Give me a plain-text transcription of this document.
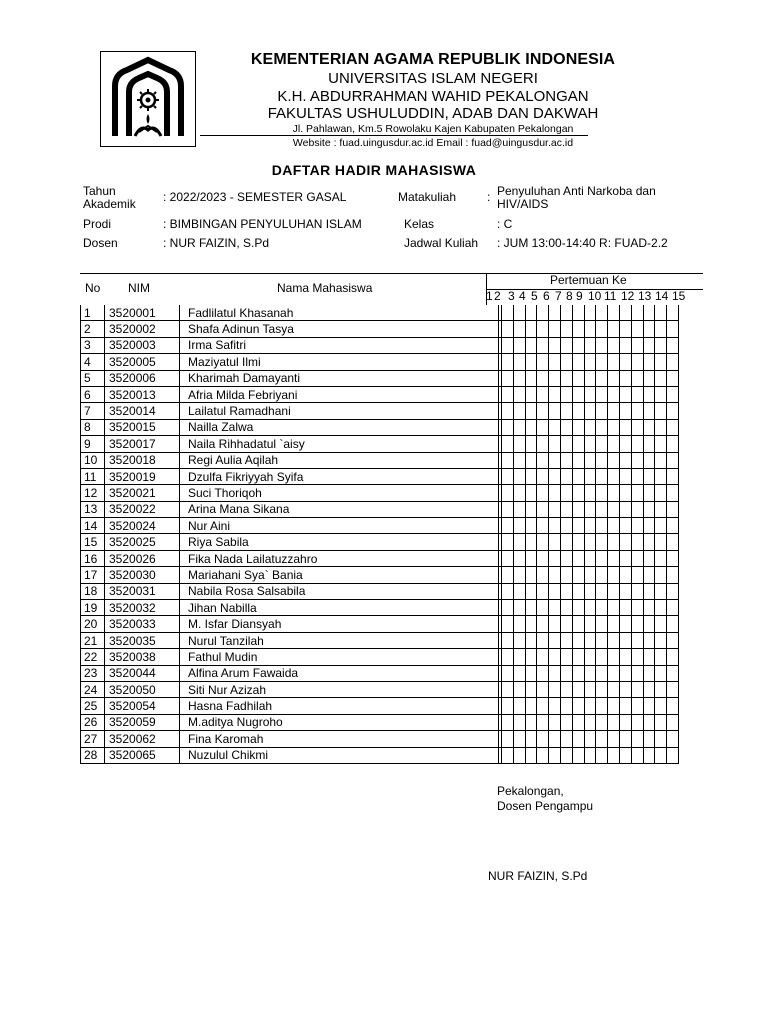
KEMENTERIAN AGAMA REPUBLIK INDONESIA
UNIVERSITAS ISLAM NEGERI
K.H. ABDURRAHMAN WAHID PEKALONGAN
FAKULTAS USHULUDDIN, ADAB DAN DAKWAH
Jl. Pahlawan, Km.5 Rowolaku Kajen Kabupaten Pekalongan
Website : fuad.uingusdur.ac.id Email : fuad@uingusdur.ac.id
DAFTAR HADIR MAHASISWA
Tahun Akademik	: 2022/2023 - SEMESTER GASAL
Prodi	: BIMBINGAN PENYULUHAN ISLAM
Dosen	: NUR FAIZIN, S.Pd
Matakuliah	: Penyuluhan Anti Narkoba dan HIV/AIDS
Kelas	: C
Jadwal Kuliah : JUM 13:00-14:40 R: FUAD-2.2
No NIM	Nama Mahasiswa
Pertemuan Ke
1 2 3 4 5 6 7 8 9 10 11 12 13 14 15
1	3520001	Fadlilatul Khasanah																
2	3520002	Shafa Adinun Tasya																
3	3520003	Irma Safitri																
4	3520005	Maziyatul Ilmi																
5	3520006	Kharimah Damayanti																
6	3520013	Afria Milda Febriyani																
7	3520014	Lailatul Ramadhani																
8	3520015	Nailla Zalwa																
9	3520017	Naila Rihhadatul `aisy																
10	3520018	Regi Aulia Aqilah																
11	3520019	Dzulfa Fikriyyah Syifa																
12	3520021	Suci Thoriqoh																
13	3520022	Arina Mana Sikana																
14	3520024	Nur Aini																
15	3520025	Riya Sabila																
16	3520026	Fika Nada Lailatuzzahro																
17	3520030	Mariahani Sya` Bania																
18	3520031	Nabila Rosa Salsabila																
19	3520032	Jihan Nabilla																
20	3520033	M. Isfar Diansyah																
21	3520035	Nurul Tanzilah																
22	3520038	Fathul Mudin																
23	3520044	Alfina Arum Fawaida																
24	3520050	Siti Nur Azizah																
25	3520054	Hasna Fadhilah																
26	3520059	M.aditya Nugroho																
27	3520062	Fina Karomah																
28	3520065	Nuzulul Chikmi																
Pekalongan,
Dosen Pengampu
NUR FAIZIN, S.Pd
